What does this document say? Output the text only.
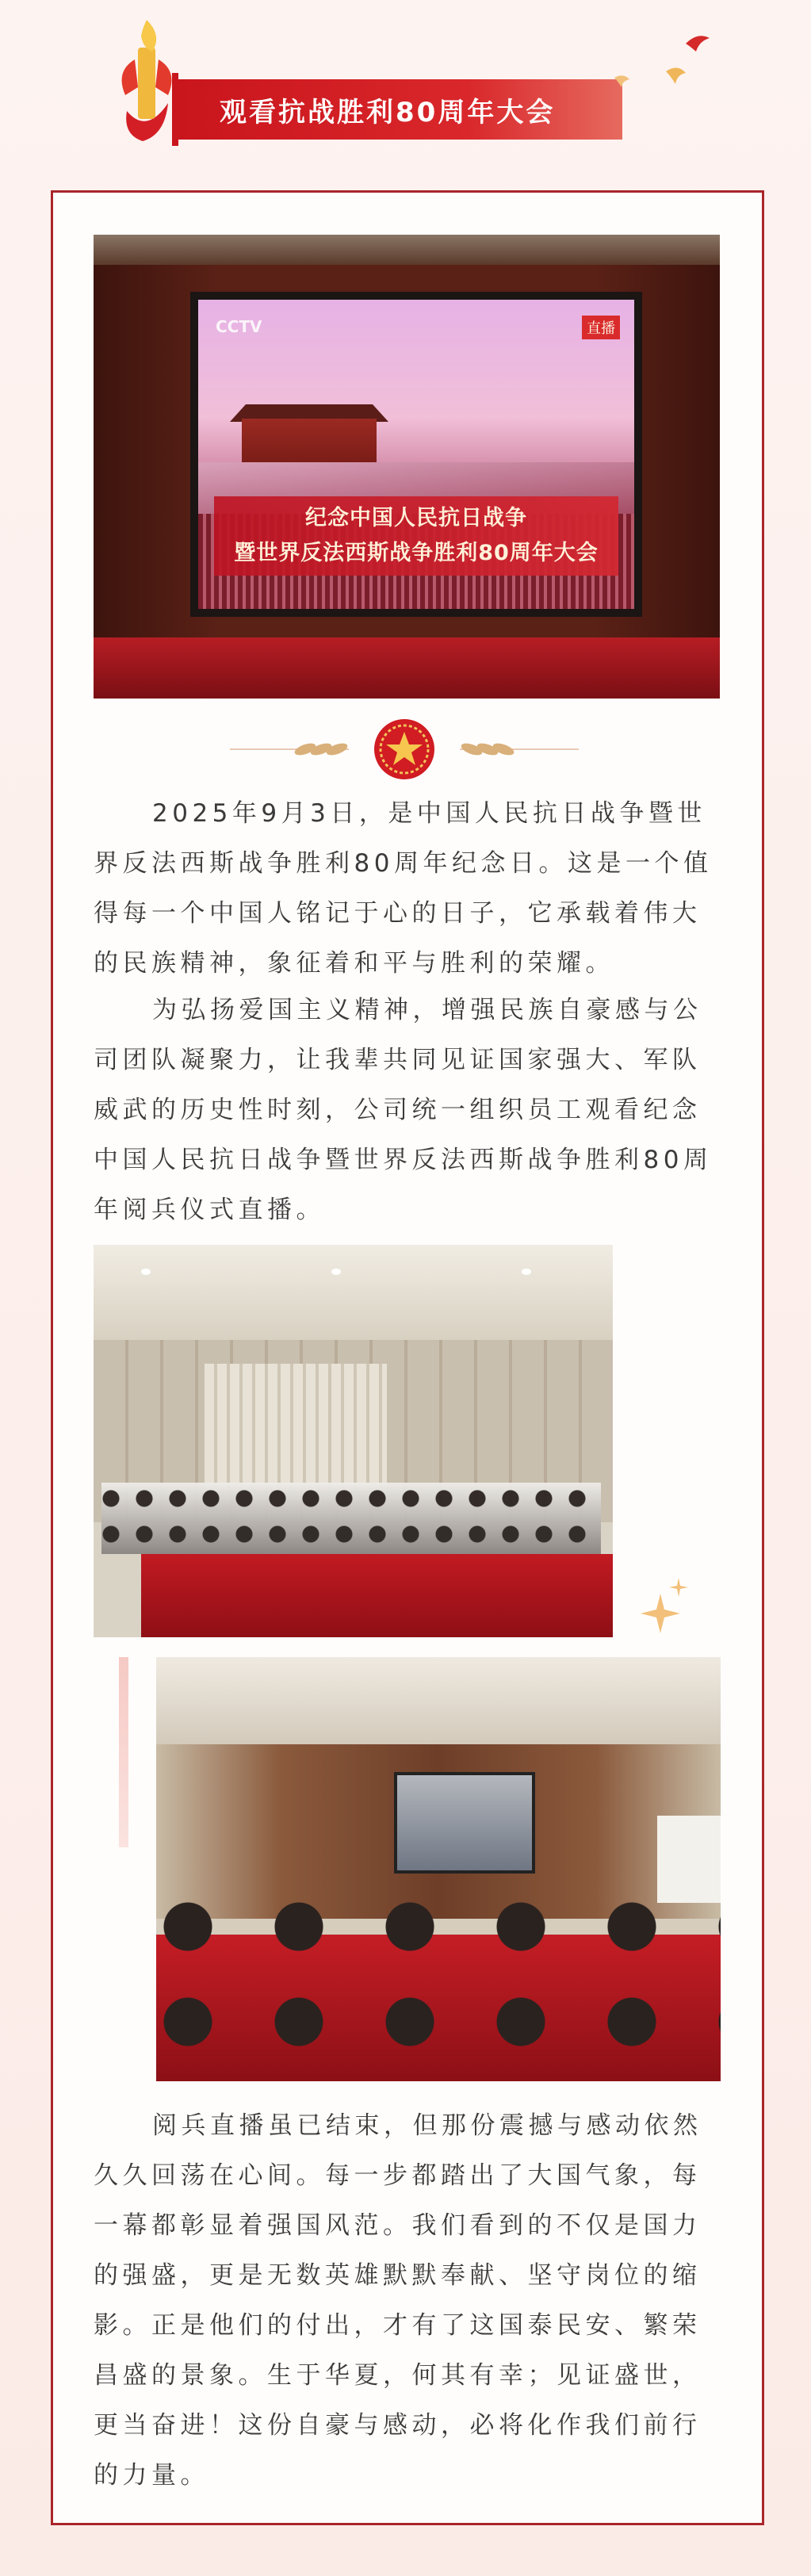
观看抗战胜利80周年大会
CCTV	直播
纪念中国人民抗日战争
暨世界反法西斯战争胜利80周年大会

2025年9月3日，是中国人民抗日战争暨世界反法西斯战争胜利80周年纪念日。这是一个值得每一个中国人铭记于心的日子，它承载着伟大的民族精神，象征着和平与胜利的荣耀。

为弘扬爱国主义精神，增强民族自豪感与公司团队凝聚力，让我辈共同见证国家强大、军队威武的历史性时刻，公司统一组织员工观看纪念中国人民抗日战争暨世界反法西斯战争胜利80周年阅兵仪式直播。

阅兵直播虽已结束，但那份震撼与感动依然久久回荡在心间。每一步都踏出了大国气象，每一幕都彰显着强国风范。我们看到的不仅是国力的强盛，更是无数英雄默默奉献、坚守岗位的缩影。正是他们的付出，才有了这国泰民安、繁荣昌盛的景象。生于华夏，何其有幸；见证盛世，更当奋进！这份自豪与感动，必将化作我们前行的力量。
